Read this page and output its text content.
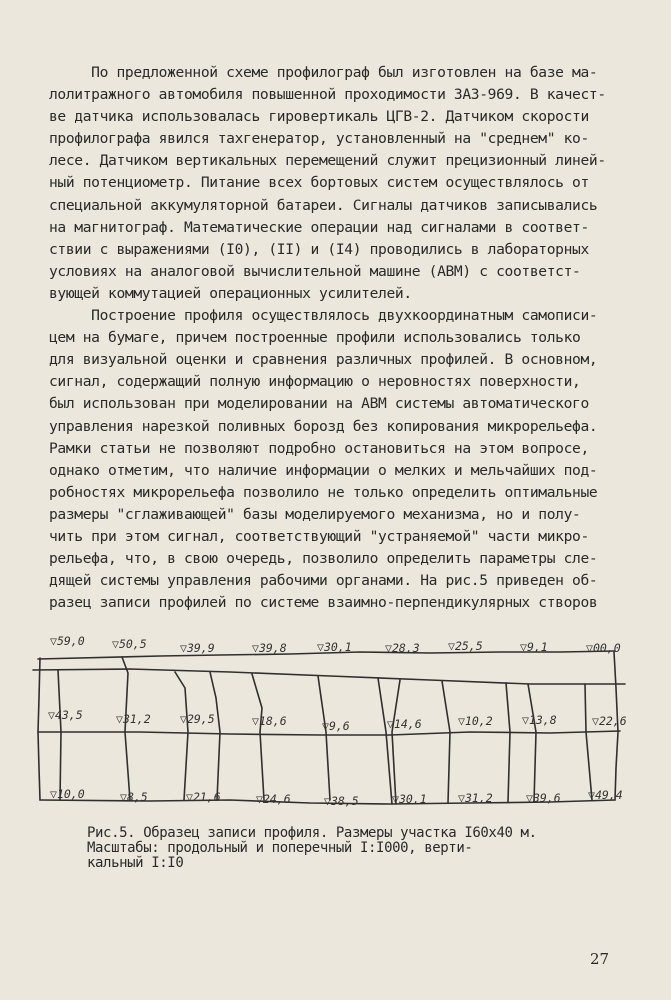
По предложенной схеме профилограф был изготовлен на базе ма-
лолитражного автомобиля повышенной проходимости ЗАЗ-969. В качест-
ве датчика использовалась гировертикаль ЦГВ-2. Датчиком скорости
профилографа явился тахгенератор, установленный на "среднем" ко-
лесе. Датчиком вертикальных перемещений служит прецизионный линей-
ный потенциометр. Питание всех бортовых систем осуществлялось от
специальной аккумуляторной батареи. Сигналы датчиков записывались
на магнитограф. Математические операции над сигналами в соответ-
ствии с выражениями (I0), (II) и (I4) проводились в лабораторных
условиях на аналоговой вычислительной машине (АВМ) с соответст-
вующей коммутацией операционных усилителей.
Построение профиля осуществлялось двухкоординатным самописи-
цем на бумаге, причем построенные профили использовались только
для визуальной оценки и сравнения различных профилей. В основном,
сигнал, содержащий полную информацию о неровностях поверхности,
был использован при моделировании на АВМ системы автоматического
управления нарезкой поливных борозд без копирования микрорельефа.
Рамки статьи не позволяют подробно остановиться на этом вопросе,
однако отметим, что наличие информации о мелких и мельчайших под-
робностях микрорельефа позволило не только определить оптимальные
размеры "сглаживающей" базы моделируемого механизма, но и полу-
чить при этом сигнал, соответствующий "устраняемой" части микро-
рельефа, что, в свою очередь, позволило определить параметры сле-
дящей системы управления рабочими органами. На рис.5 приведен об-
разец записи профилей по системе взаимно-перпендикулярных створов
▽59,0 ▽50,5	▽39,9	▽39,8	▽30,1	▽28,3 ▽25,5	▽9,1	▽00,0
▽43,5	▽31,2	▽29,5	▽18,6	▽9,6	▽14,6	▽10,2	▽13,8	▽22,6
▽10,0	▽8,5	▽21,6	▽24,6	▽38,5	▽30,1	▽31,2	▽39,6 ▽49,4
Рис.5. Образец записи профиля. Размеры участка I60x40 м.
Масштабы: продольный и поперечный I:I000, верти-
кальный I:I0
27
